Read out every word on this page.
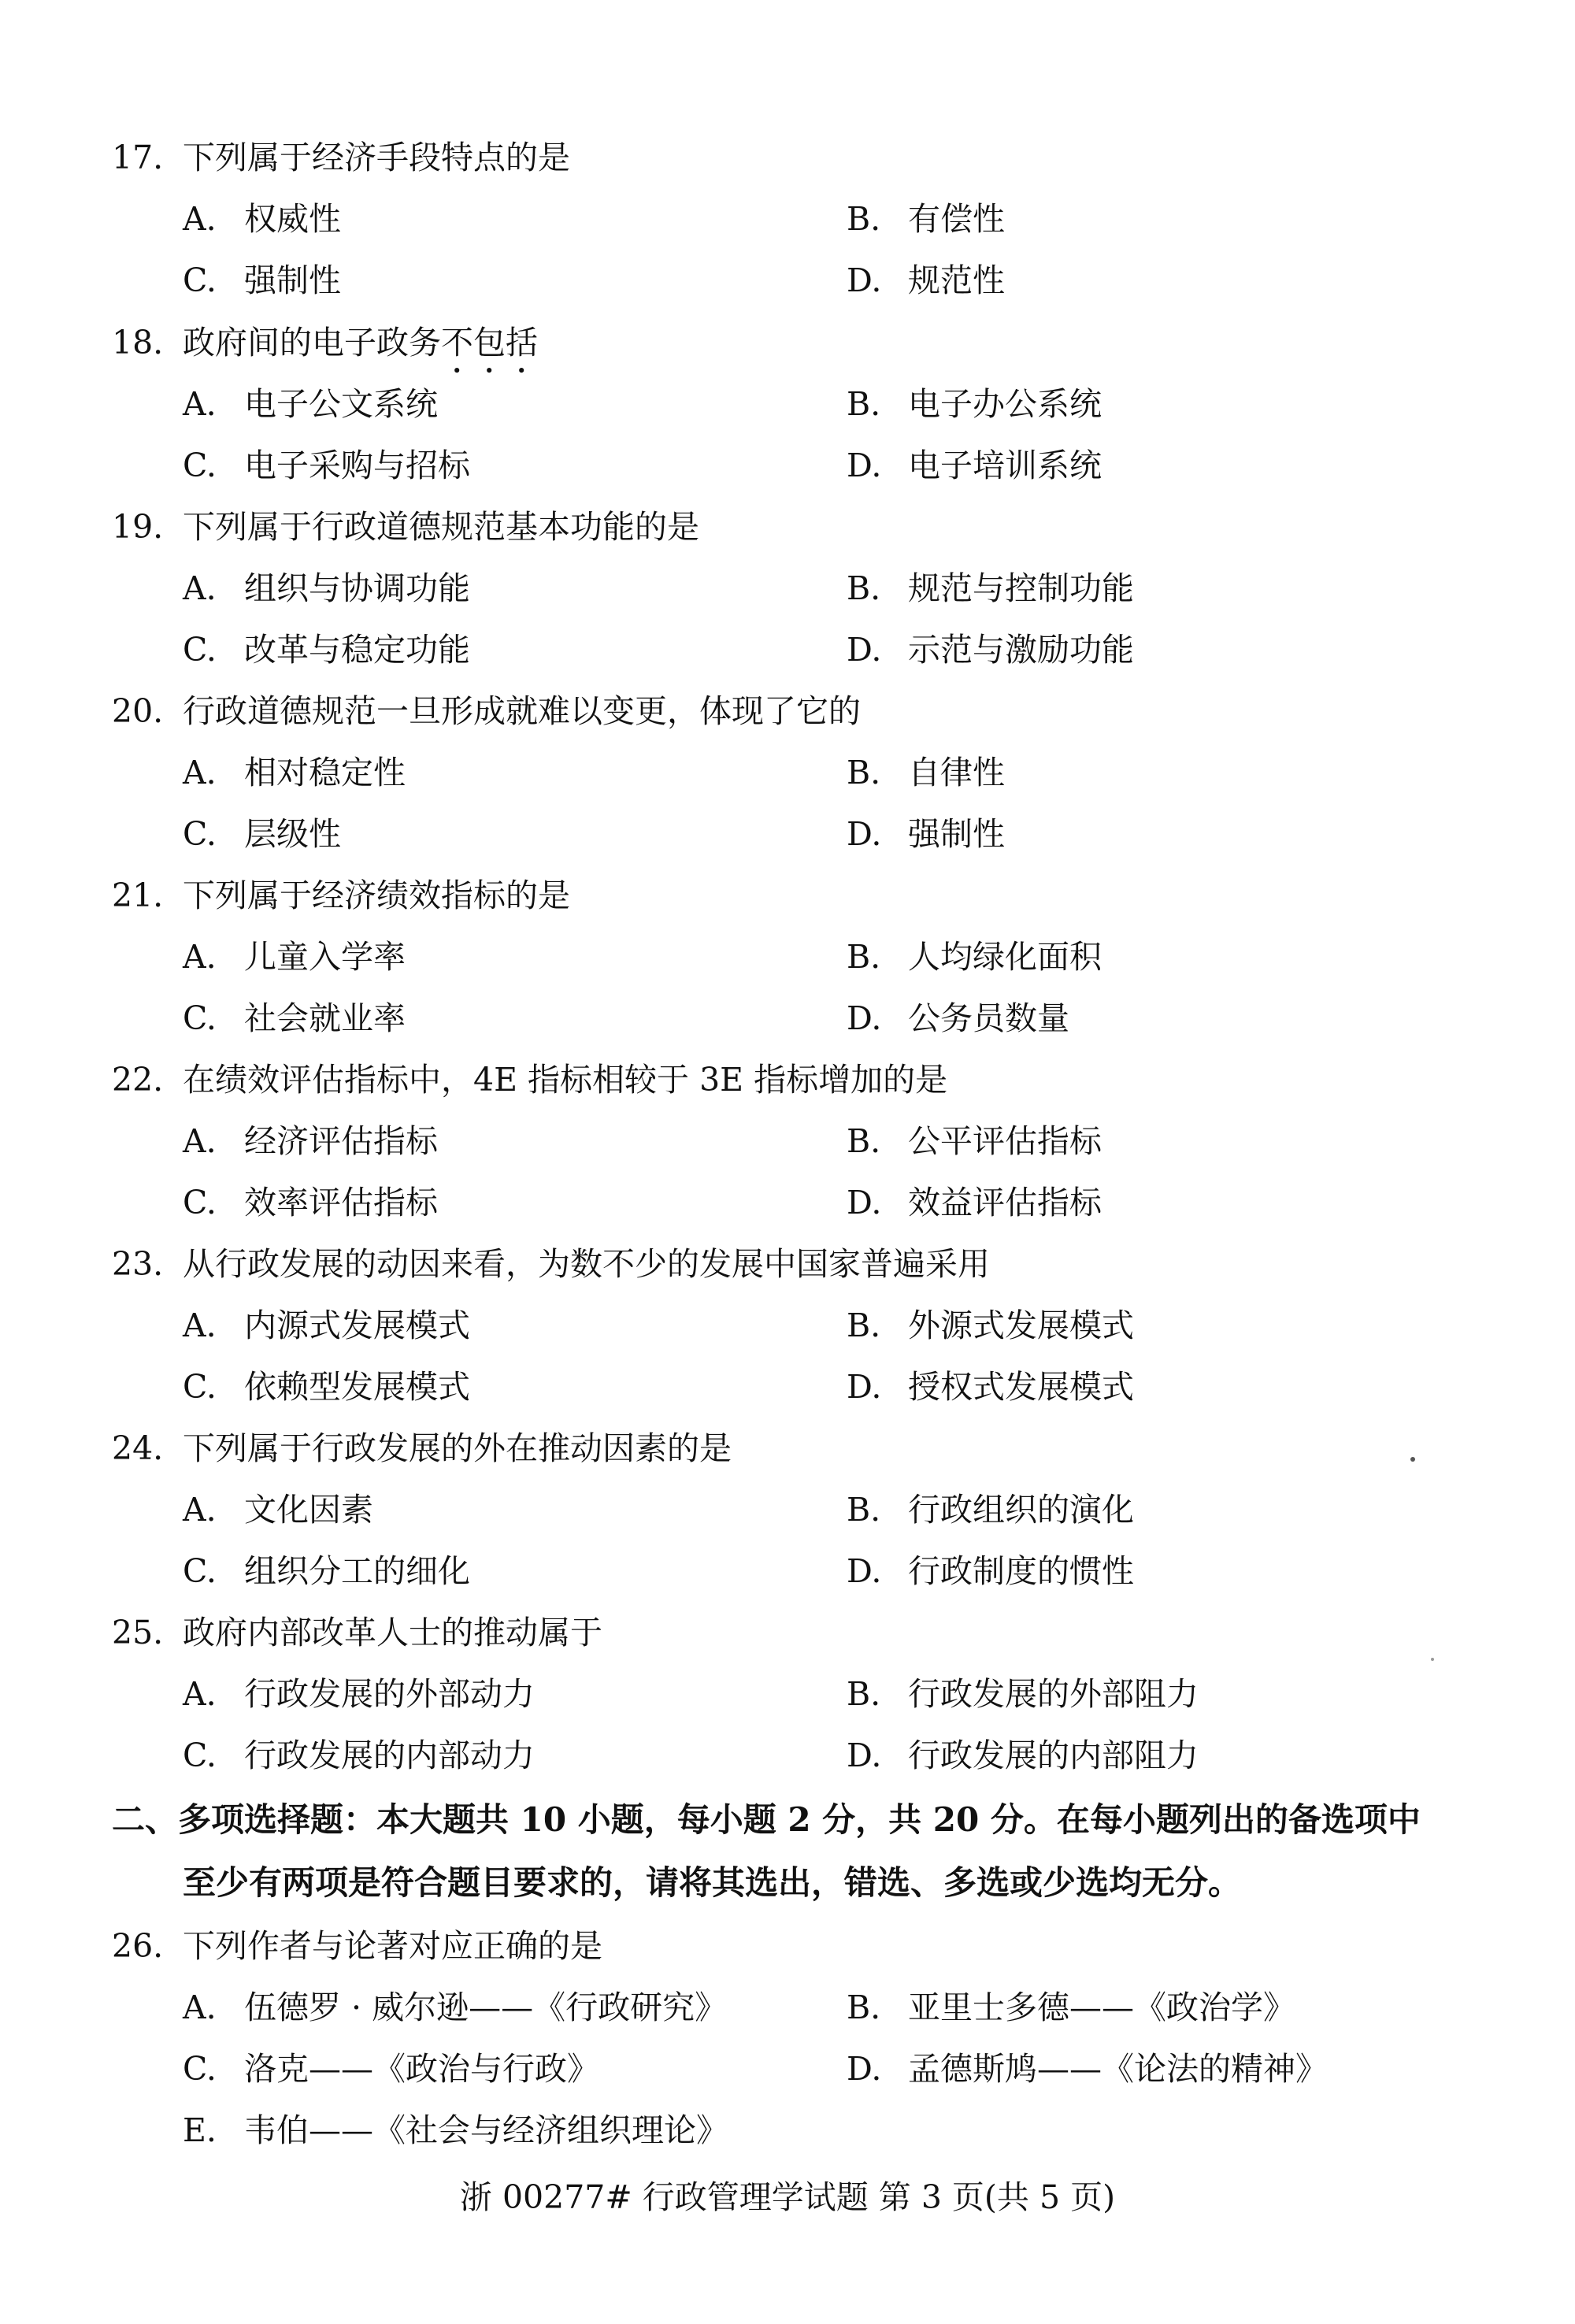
17. 下列属于经济手段特点的是
A. 权威性	B. 有偿性
C. 强制性	D. 规范性
18. 政府间的电子政务不包括
A. 电子公文系统	B. 电子办公系统
C. 电子采购与招标	D. 电子培训系统
19. 下列属于行政道德规范基本功能的是
A. 组织与协调功能	B. 规范与控制功能
C. 改革与稳定功能	D. 示范与激励功能
20. 行政道德规范一旦形成就难以变更，体现了它的
A. 相对稳定性	B. 自律性
C. 层级性	D. 强制性
21. 下列属于经济绩效指标的是
A. 儿童入学率	B. 人均绿化面积
C. 社会就业率	D. 公务员数量
22. 在绩效评估指标中，4E 指标相较于 3E 指标增加的是
A. 经济评估指标	B. 公平评估指标
C. 效率评估指标	D. 效益评估指标
23. 从行政发展的动因来看，为数不少的发展中国家普遍采用
A. 内源式发展模式	B. 外源式发展模式
C. 依赖型发展模式	D. 授权式发展模式
24. 下列属于行政发展的外在推动因素的是
A. 文化因素	B. 行政组织的演化
C. 组织分工的细化	D. 行政制度的惯性
25. 政府内部改革人士的推动属于
A. 行政发展的外部动力	B. 行政发展的外部阻力
C. 行政发展的内部动力	D. 行政发展的内部阻力
二、多项选择题：本大题共 10 小题，每小题 2 分，共 20 分。在每小题列出的备选项中
至少有两项是符合题目要求的，请将其选出，错选、多选或少选均无分。
26. 下列作者与论著对应正确的是
A. 伍德罗 · 威尔逊——《行政研究》	B. 亚里士多德——《政治学》
C. 洛克——《政治与行政》	D. 孟德斯鸠——《论法的精神》
E. 韦伯——《社会与经济组织理论》
浙 00277# 行政管理学试题 第 3 页(共 5 页)
